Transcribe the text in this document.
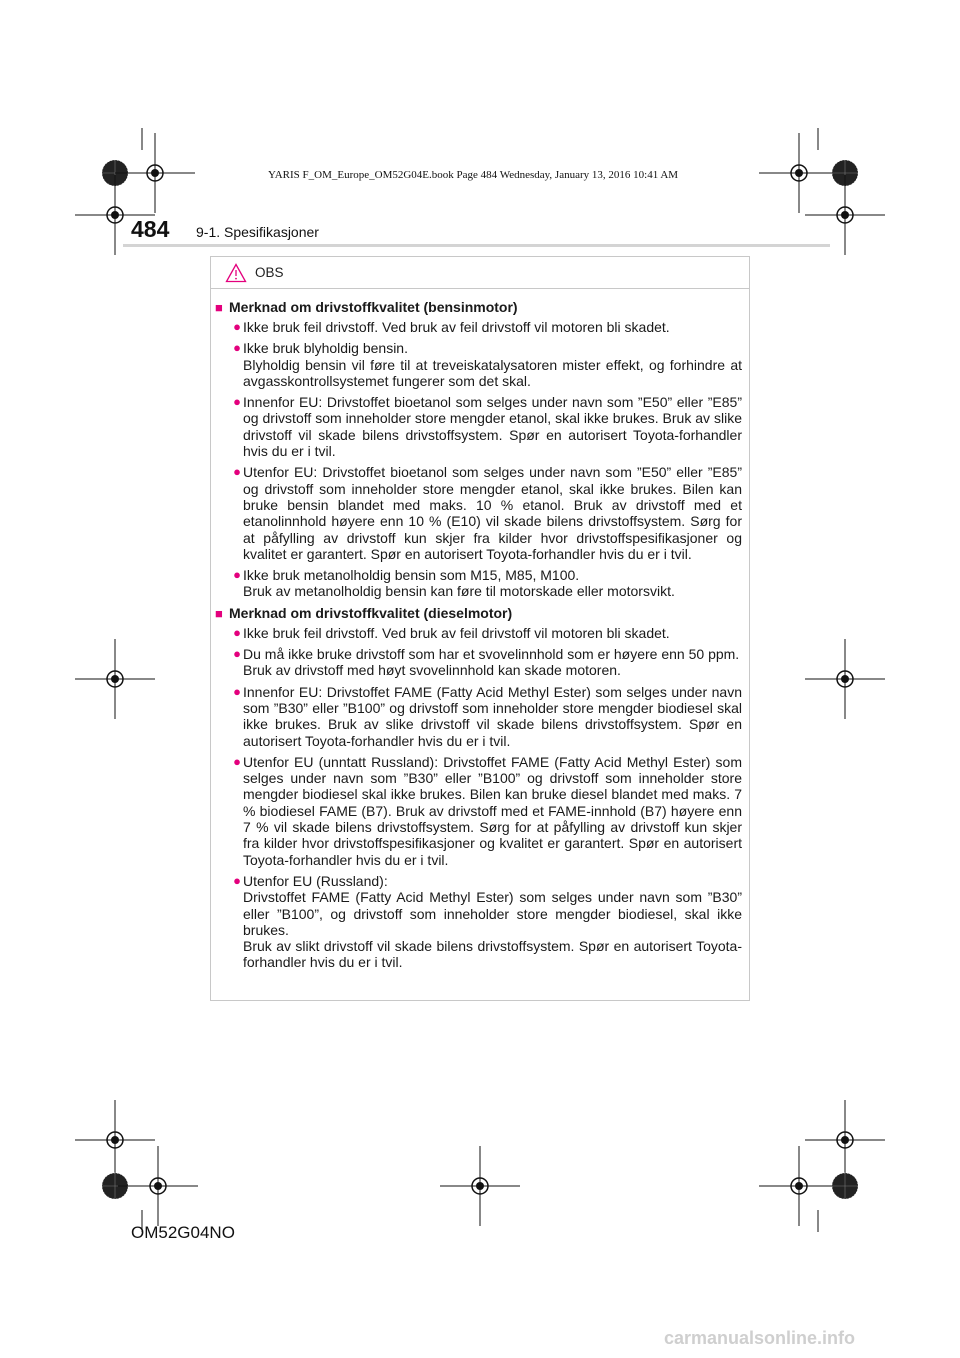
YARIS F_OM_Europe_OM52G04E.book Page 484 Wednesday, January 13, 2016 10:41 AM
484 9-1. Spesifikasjoner
OBS
■ Merknad om drivstoffkvalitet (bensinmotor)
● Ikke bruk feil drivstoff. Ved bruk av feil drivstoff vil motoren bli skadet.

● Ikke bruk blyholdig bensin.

Blyholdig bensin vil føre til at treveiskatalysatoren mister effekt, og forhindre at avgasskontrollsystemet fungerer som det skal.

● Innenfor EU: Drivstoffet bioetanol som selges under navn som ”E50” eller ”E85” og drivstoff som inneholder store mengder etanol, skal ikke brukes. Bruk av slike drivstoff vil skade bilens drivstoffsystem. Spør en autorisert Toyota-forhandler hvis du er i tvil.

● Utenfor EU: Drivstoffet bioetanol som selges under navn som ”E50” eller ”E85” og drivstoff som inneholder store mengder etanol, skal ikke brukes. Bilen kan bruke bensin blandet med maks. 10 % etanol. Bruk av drivstoff med et etanolinnhold høyere enn 10 % (E10) vil skade bilens drivstoffsystem. Sørg for at påfylling av drivstoff kun skjer fra kilder hvor drivstoffspesifikasjoner og kvalitet er garantert. Spør en autorisert Toyota-forhandler hvis du er i tvil.

● Ikke bruk metanolholdig bensin som M15, M85, M100.

Bruk av metanolholdig bensin kan føre til motorskade eller motorsvikt.

■ Merknad om drivstoffkvalitet (dieselmotor)
● Ikke bruk feil drivstoff. Ved bruk av feil drivstoff vil motoren bli skadet.

● Du må ikke bruke drivstoff som har et svovelinnhold som er høyere enn 50 ppm.

Bruk av drivstoff med høyt svovelinnhold kan skade motoren.

● Innenfor EU: Drivstoffet FAME (Fatty Acid Methyl Ester) som selges under navn som ”B30” eller ”B100” og drivstoff som inneholder store mengder biodiesel skal ikke brukes. Bruk av slike drivstoff vil skade bilens drivstoffsystem. Spør en autorisert Toyota-forhandler hvis du er i tvil.

● Utenfor EU (unntatt Russland): Drivstoffet FAME (Fatty Acid Methyl Ester) som selges under navn som ”B30” eller ”B100” og drivstoff som inneholder store mengder biodiesel skal ikke brukes. Bilen kan bruke diesel blandet med maks. 7 % biodiesel FAME (B7). Bruk av drivstoff med et FAME-innhold (B7) høyere enn 7 % vil skade bilens drivstoffsystem. Sørg for at påfylling av drivstoff kun skjer fra kilder hvor drivstoffspesifikasjoner og kvalitet er garantert. Spør en autorisert Toyota-forhandler hvis du er i tvil.

● Utenfor EU (Russland):

Drivstoffet FAME (Fatty Acid Methyl Ester) som selges under navn som ”B30” eller ”B100”, og drivstoff som inneholder store mengder biodiesel, skal ikke brukes.

Bruk av slikt drivstoff vil skade bilens drivstoffsystem. Spør en autorisert Toyota-forhandler hvis du er i tvil.

OM52G04NO
carmanualsonline.info
